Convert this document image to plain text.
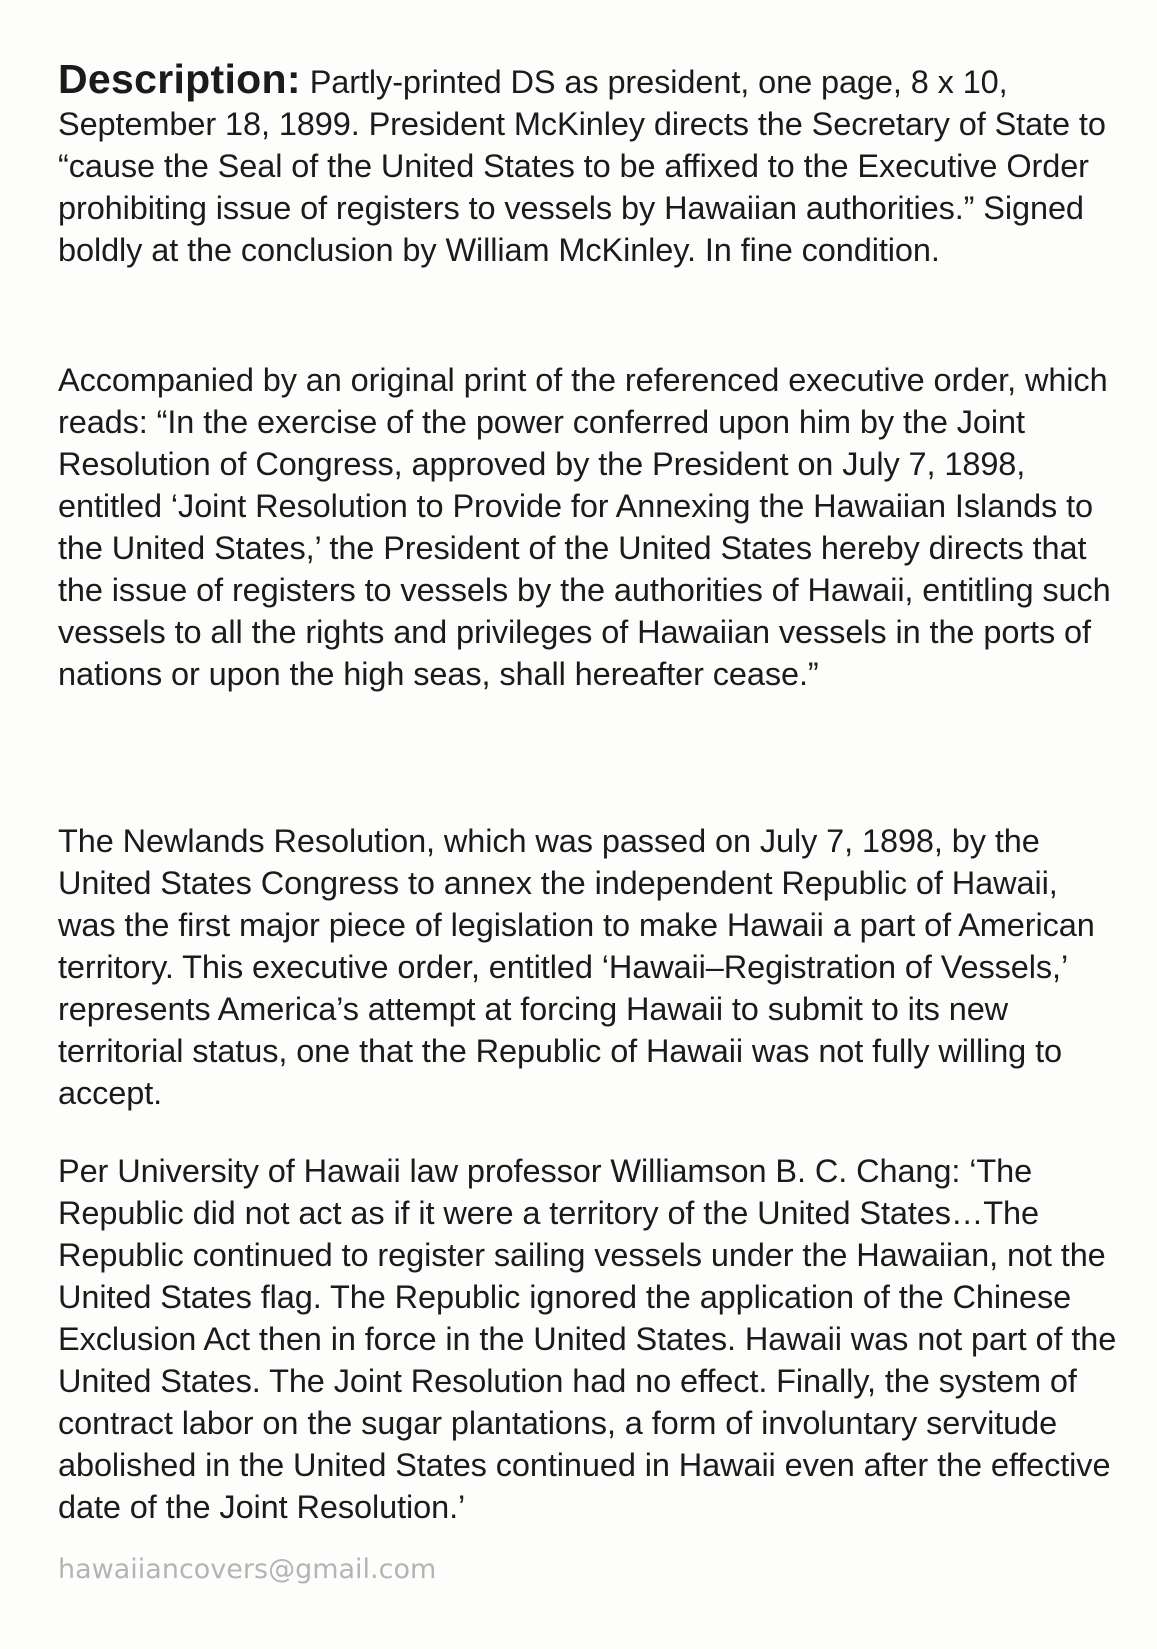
Description: Partly-printed DS as president, one page, 8 x 10, September 18, 1899. President McKinley directs the Secretary of State to “cause the Seal of the United States to be affixed to the Executive Order prohibiting issue of registers to vessels by Hawaiian authorities.” Signed boldly at the conclusion by William McKinley. In fine condition.
Accompanied by an original print of the referenced executive order, which reads: “In the exercise of the power conferred upon him by the Joint Resolution of Congress, approved by the President on July 7, 1898, entitled ‘Joint Resolution to Provide for Annexing the Hawaiian Islands to the United States,’ the President of the United States hereby directs that the issue of registers to vessels by the authorities of Hawaii, entitling such vessels to all the rights and privileges of Hawaiian vessels in the ports of nations or upon the high seas, shall hereafter cease.”
The Newlands Resolution, which was passed on July 7, 1898, by the United States Congress to annex the independent Republic of Hawaii, was the first major piece of legislation to make Hawaii a part of American territory. This executive order, entitled ‘Hawaii–Registration of Vessels,’ represents America’s attempt at forcing Hawaii to submit to its new territorial status, one that the Republic of Hawaii was not fully willing to accept.
Per University of Hawaii law professor Williamson B. C. Chang: ‘The Republic did not act as if it were a territory of the United States…The Republic continued to register sailing vessels under the Hawaiian, not the United States flag. The Republic ignored the application of the Chinese Exclusion Act then in force in the United States. Hawaii was not part of the United States. The Joint Resolution had no effect. Finally, the system of contract labor on the sugar plantations, a form of involuntary servitude abolished in the United States continued in Hawaii even after the effective date of the Joint Resolution.’
hawaiiancovers@gmail.com
